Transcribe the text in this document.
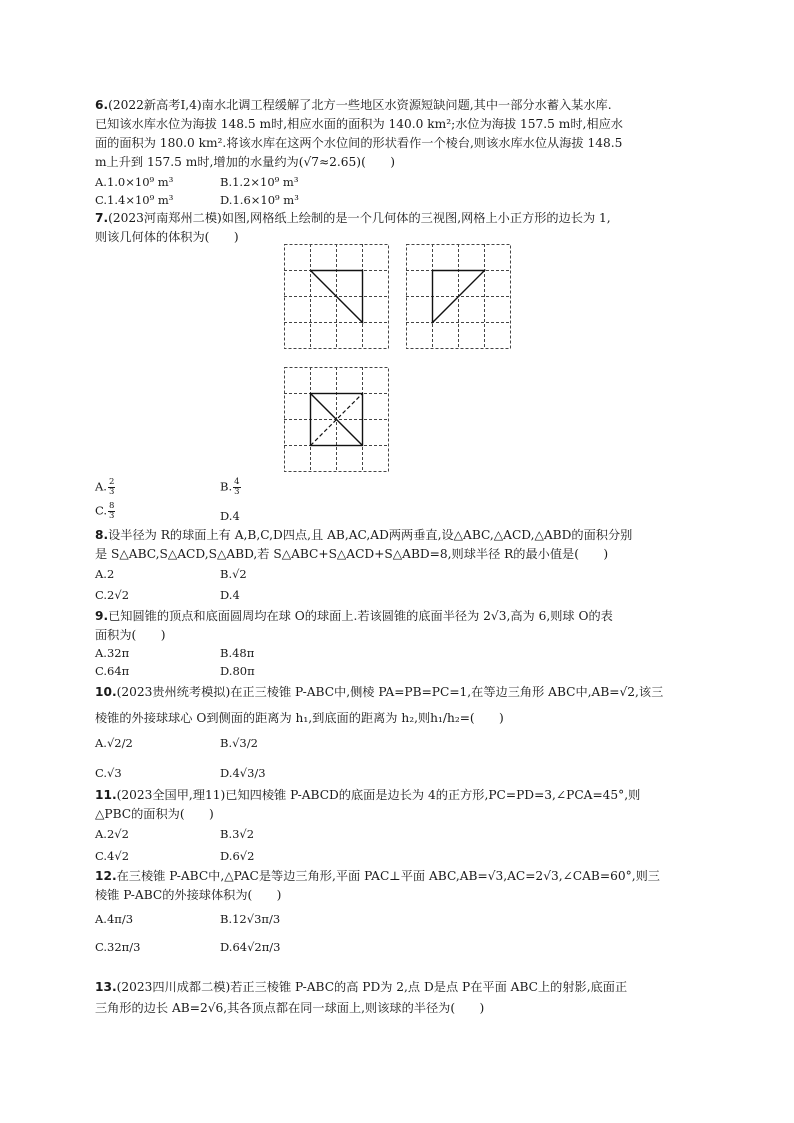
6.(2022新高考Ⅰ,4)南水北调工程缓解了北方一些地区水资源短缺问题,其中一部分水蓄入某水库.
已知该水库水位为海拔 148.5 m时,相应水面的面积为 140.0 km²;水位为海拔 157.5 m时,相应水
面的面积为 180.0 km².将该水库在这两个水位间的形状看作一个棱台,则该水库水位从海拔 148.5
m上升到 157.5 m时,增加的水量约为(√7≈2.65)(　　)
A.1.0×10⁹ m³	B.1.2×10⁹ m³
C.1.4×10⁹ m³	D.1.6×10⁹ m³
7.(2023河南郑州二模)如图,网格纸上绘制的是一个几何体的三视图,网格上小正方形的边长为 1,
则该几何体的体积为(　　)
A. $\frac{2}{3}$	B. $\frac{4}{3}$
C. $\frac{8}{3}$	D.4
8.设半径为 R的球面上有 A,B,C,D四点,且 AB,AC,AD两两垂直,设△ABC,△ACD,△ABD的面积分别
是 S△ABC,S△ACD,S△ABD,若 S△ABC+S△ACD+S△ABD=8,则球半径 R的最小值是(　　)
A.2	B.√2
C.2√2	D.4
9.已知圆锥的顶点和底面圆周均在球 O的球面上.若该圆锥的底面半径为 2√3,高为 6,则球 O的表
面积为(　　)
A.32π	B.48π
C.64π	D.80π
10.(2023贵州统考模拟)在正三棱锥 P-ABC中,侧棱 PA=PB=PC=1,在等边三角形 ABC中,AB=√2,该三
棱锥的外接球球心 O到侧面的距离为 h₁,到底面的距离为 h₂,则h₁/h₂=(　　)
A.√2/2	B.√3/2
C.√3	D.4√3/3
11.(2023全国甲,理11)已知四棱锥 P-ABCD的底面是边长为 4的正方形,PC=PD=3,∠PCA=45°,则
△PBC的面积为(　　)
A.2√2	B.3√2
C.4√2	D.6√2
12.在三棱锥 P-ABC中,△PAC是等边三角形,平面 PAC⊥平面 ABC,AB=√3,AC=2√3,∠CAB=60°,则三
棱锥 P-ABC的外接球体积为(　　)
A.4π/3	B.12√3π/3
C.32π/3	D.64√2π/3
13.(2023四川成都二模)若正三棱锥 P-ABC的高 PD为 2,点 D是点 P在平面 ABC上的射影,底面正
三角形的边长 AB=2√6,其各顶点都在同一球面上,则该球的半径为(　　)
